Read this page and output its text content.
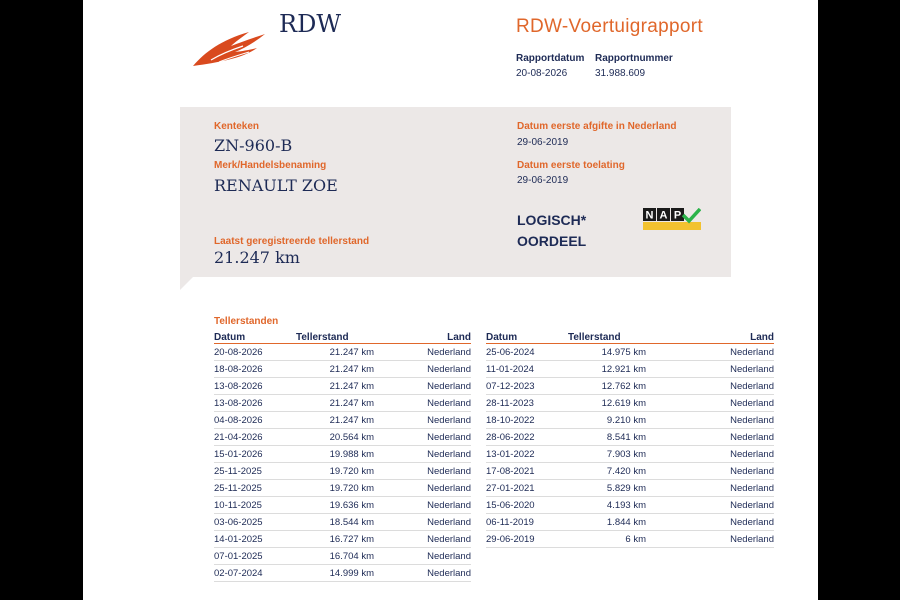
RDW	RDW-Voertuigrapport
Rapportdatum
20-08-2026
Rapportnummer
31.988.609
Kenteken
ZN-960-B
Merk/Handelsbenaming
RENAULT ZOE
Laatst geregistreerde tellerstand
21.247 km
Datum eerste afgifte in Nederland
29-06-2019
Datum eerste toelating
29-06-2019
LOGISCH*
OORDEEL
N A P
Tellerstanden
Datum	Tellerstand	Land
20-08-2026	21.247 km	Nederland
18-08-2026	21.247 km	Nederland
13-08-2026	21.247 km	Nederland
13-08-2026	21.247 km	Nederland
04-08-2026	21.247 km	Nederland
21-04-2026	20.564 km	Nederland
15-01-2026	19.988 km	Nederland
25-11-2025	19.720 km	Nederland
25-11-2025	19.720 km	Nederland
10-11-2025	19.636 km	Nederland
03-06-2025	18.544 km	Nederland
14-01-2025	16.727 km	Nederland
07-01-2025	16.704 km	Nederland
02-07-2024	14.999 km	Nederland
Datum	Tellerstand	Land
25-06-2024	14.975 km	Nederland
11-01-2024	12.921 km	Nederland
07-12-2023	12.762 km	Nederland
28-11-2023	12.619 km	Nederland
18-10-2022	9.210 km	Nederland
28-06-2022	8.541 km	Nederland
13-01-2022	7.903 km	Nederland
17-08-2021	7.420 km	Nederland
27-01-2021	5.829 km	Nederland
15-06-2020	4.193 km	Nederland
06-11-2019	1.844 km	Nederland
29-06-2019	6 km	Nederland
